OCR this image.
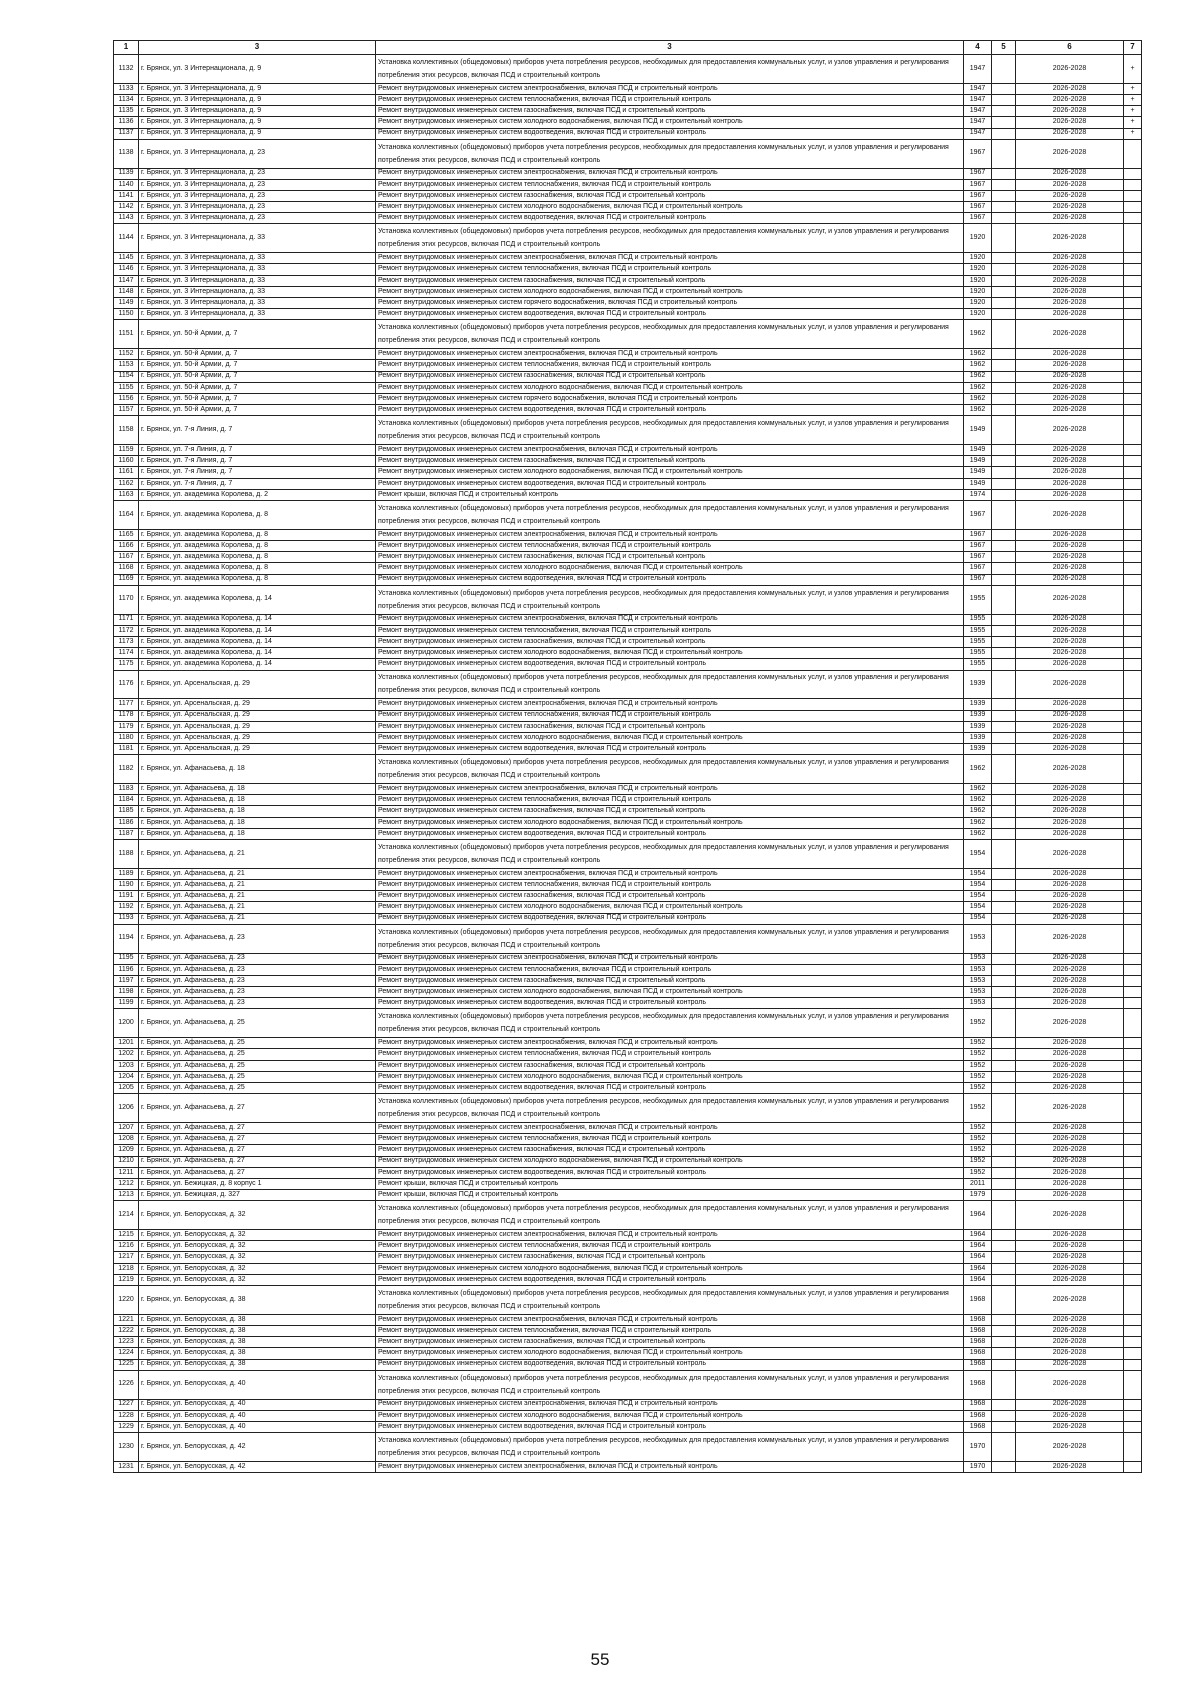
1	3	3	4	5	6	7
1132	г. Брянск, ул. 3 Интернационала, д. 9	Установка коллективных (общедомовых) приборов учета потребления ресурсов, необходимых для предоставления коммунальных услуг, и узлов управления и регулирования потребления этих ресурсов, включая ПСД и строительный контроль	1947		2026-2028	+
1133	г. Брянск, ул. 3 Интернационала, д. 9	Ремонт внутридомовых инженерных систем электроснабжения, включая ПСД и строительный контроль	1947		2026-2028	+
1134	г. Брянск, ул. 3 Интернационала, д. 9	Ремонт внутридомовых инженерных систем теплоснабжения, включая ПСД и строительный контроль	1947		2026-2028	+
1135	г. Брянск, ул. 3 Интернационала, д. 9	Ремонт внутридомовых инженерных систем газоснабжения, включая ПСД и строительный контроль	1947		2026-2028	+
1136	г. Брянск, ул. 3 Интернационала, д. 9	Ремонт внутридомовых инженерных систем холодного водоснабжения, включая ПСД и строительный контроль	1947		2026-2028	+
1137	г. Брянск, ул. 3 Интернационала, д. 9	Ремонт внутридомовых инженерных систем водоотведения, включая ПСД и строительный контроль	1947		2026-2028	+
1138	г. Брянск, ул. 3 Интернационала, д. 23	Установка коллективных (общедомовых) приборов учета потребления ресурсов, необходимых для предоставления коммунальных услуг, и узлов управления и регулирования потребления этих ресурсов, включая ПСД и строительный контроль	1967		2026-2028	
1139	г. Брянск, ул. 3 Интернационала, д. 23	Ремонт внутридомовых инженерных систем электроснабжения, включая ПСД и строительный контроль	1967		2026-2028	
1140	г. Брянск, ул. 3 Интернационала, д. 23	Ремонт внутридомовых инженерных систем теплоснабжения, включая ПСД и строительный контроль	1967		2026-2028	
1141	г. Брянск, ул. 3 Интернационала, д. 23	Ремонт внутридомовых инженерных систем газоснабжения, включая ПСД и строительный контроль	1967		2026-2028	
1142	г. Брянск, ул. 3 Интернационала, д. 23	Ремонт внутридомовых инженерных систем холодного водоснабжения, включая ПСД и строительный контроль	1967		2026-2028	
1143	г. Брянск, ул. 3 Интернационала, д. 23	Ремонт внутридомовых инженерных систем водоотведения, включая ПСД и строительный контроль	1967		2026-2028	
1144	г. Брянск, ул. 3 Интернационала, д. 33	Установка коллективных (общедомовых) приборов учета потребления ресурсов, необходимых для предоставления коммунальных услуг, и узлов управления и регулирования потребления этих ресурсов, включая ПСД и строительный контроль	1920		2026-2028	
1145	г. Брянск, ул. 3 Интернационала, д. 33	Ремонт внутридомовых инженерных систем электроснабжения, включая ПСД и строительный контроль	1920		2026-2028	
1146	г. Брянск, ул. 3 Интернационала, д. 33	Ремонт внутридомовых инженерных систем теплоснабжения, включая ПСД и строительный контроль	1920		2026-2028	
1147	г. Брянск, ул. 3 Интернационала, д. 33	Ремонт внутридомовых инженерных систем газоснабжения, включая ПСД и строительный контроль	1920		2026-2028	
1148	г. Брянск, ул. 3 Интернационала, д. 33	Ремонт внутридомовых инженерных систем холодного водоснабжения, включая ПСД и строительный контроль	1920		2026-2028	
1149	г. Брянск, ул. 3 Интернационала, д. 33	Ремонт внутридомовых инженерных систем горячего водоснабжения, включая ПСД и строительный контроль	1920		2026-2028	
1150	г. Брянск, ул. 3 Интернационала, д. 33	Ремонт внутридомовых инженерных систем водоотведения, включая ПСД и строительный контроль	1920		2026-2028	
1151	г. Брянск, ул. 50-й Армии, д. 7	Установка коллективных (общедомовых) приборов учета потребления ресурсов, необходимых для предоставления коммунальных услуг, и узлов управления и регулирования потребления этих ресурсов, включая ПСД и строительный контроль	1962		2026-2028	
1152	г. Брянск, ул. 50-й Армии, д. 7	Ремонт внутридомовых инженерных систем электроснабжения, включая ПСД и строительный контроль	1962		2026-2028	
1153	г. Брянск, ул. 50-й Армии, д. 7	Ремонт внутридомовых инженерных систем теплоснабжения, включая ПСД и строительный контроль	1962		2026-2028	
1154	г. Брянск, ул. 50-й Армии, д. 7	Ремонт внутридомовых инженерных систем газоснабжения, включая ПСД и строительный контроль	1962		2026-2028	
1155	г. Брянск, ул. 50-й Армии, д. 7	Ремонт внутридомовых инженерных систем холодного водоснабжения, включая ПСД и строительный контроль	1962		2026-2028	
1156	г. Брянск, ул. 50-й Армии, д. 7	Ремонт внутридомовых инженерных систем горячего водоснабжения, включая ПСД и строительный контроль	1962		2026-2028	
1157	г. Брянск, ул. 50-й Армии, д. 7	Ремонт внутридомовых инженерных систем водоотведения, включая ПСД и строительный контроль	1962		2026-2028	
1158	г. Брянск, ул. 7-я Линия, д. 7	Установка коллективных (общедомовых) приборов учета потребления ресурсов, необходимых для предоставления коммунальных услуг, и узлов управления и регулирования потребления этих ресурсов, включая ПСД и строительный контроль	1949		2026-2028	
1159	г. Брянск, ул. 7-я Линия, д. 7	Ремонт внутридомовых инженерных систем электроснабжения, включая ПСД и строительный контроль	1949		2026-2028	
1160	г. Брянск, ул. 7-я Линия, д. 7	Ремонт внутридомовых инженерных систем газоснабжения, включая ПСД и строительный контроль	1949		2026-2028	
1161	г. Брянск, ул. 7-я Линия, д. 7	Ремонт внутридомовых инженерных систем холодного водоснабжения, включая ПСД и строительный контроль	1949		2026-2028	
1162	г. Брянск, ул. 7-я Линия, д. 7	Ремонт внутридомовых инженерных систем водоотведения, включая ПСД и строительный контроль	1949		2026-2028	
1163	г. Брянск, ул. академика Королева, д. 2	Ремонт крыши, включая ПСД и строительный контроль	1974		2026-2028	
1164	г. Брянск, ул. академика Королева, д. 8	Установка коллективных (общедомовых) приборов учета потребления ресурсов, необходимых для предоставления коммунальных услуг, и узлов управления и регулирования потребления этих ресурсов, включая ПСД и строительный контроль	1967		2026-2028	
1165	г. Брянск, ул. академика Королева, д. 8	Ремонт внутридомовых инженерных систем электроснабжения, включая ПСД и строительный контроль	1967		2026-2028	
1166	г. Брянск, ул. академика Королева, д. 8	Ремонт внутридомовых инженерных систем теплоснабжения, включая ПСД и строительный контроль	1967		2026-2028	
1167	г. Брянск, ул. академика Королева, д. 8	Ремонт внутридомовых инженерных систем газоснабжения, включая ПСД и строительный контроль	1967		2026-2028	
1168	г. Брянск, ул. академика Королева, д. 8	Ремонт внутридомовых инженерных систем холодного водоснабжения, включая ПСД и строительный контроль	1967		2026-2028	
1169	г. Брянск, ул. академика Королева, д. 8	Ремонт внутридомовых инженерных систем водоотведения, включая ПСД и строительный контроль	1967		2026-2028	
1170	г. Брянск, ул. академика Королева, д. 14	Установка коллективных (общедомовых) приборов учета потребления ресурсов, необходимых для предоставления коммунальных услуг, и узлов управления и регулирования потребления этих ресурсов, включая ПСД и строительный контроль	1955		2026-2028	
1171	г. Брянск, ул. академика Королева, д. 14	Ремонт внутридомовых инженерных систем электроснабжения, включая ПСД и строительный контроль	1955		2026-2028	
1172	г. Брянск, ул. академика Королева, д. 14	Ремонт внутридомовых инженерных систем теплоснабжения, включая ПСД и строительный контроль	1955		2026-2028	
1173	г. Брянск, ул. академика Королева, д. 14	Ремонт внутридомовых инженерных систем газоснабжения, включая ПСД и строительный контроль	1955		2026-2028	
1174	г. Брянск, ул. академика Королева, д. 14	Ремонт внутридомовых инженерных систем холодного водоснабжения, включая ПСД и строительный контроль	1955		2026-2028	
1175	г. Брянск, ул. академика Королева, д. 14	Ремонт внутридомовых инженерных систем водоотведения, включая ПСД и строительный контроль	1955		2026-2028	
1176	г. Брянск, ул. Арсенальская, д. 29	Установка коллективных (общедомовых) приборов учета потребления ресурсов, необходимых для предоставления коммунальных услуг, и узлов управления и регулирования потребления этих ресурсов, включая ПСД и строительный контроль	1939		2026-2028	
1177	г. Брянск, ул. Арсенальская, д. 29	Ремонт внутридомовых инженерных систем электроснабжения, включая ПСД и строительный контроль	1939		2026-2028	
1178	г. Брянск, ул. Арсенальская, д. 29	Ремонт внутридомовых инженерных систем теплоснабжения, включая ПСД и строительный контроль	1939		2026-2028	
1179	г. Брянск, ул. Арсенальская, д. 29	Ремонт внутридомовых инженерных систем газоснабжения, включая ПСД и строительный контроль	1939		2026-2028	
1180	г. Брянск, ул. Арсенальская, д. 29	Ремонт внутридомовых инженерных систем холодного водоснабжения, включая ПСД и строительный контроль	1939		2026-2028	
1181	г. Брянск, ул. Арсенальская, д. 29	Ремонт внутридомовых инженерных систем водоотведения, включая ПСД и строительный контроль	1939		2026-2028	
1182	г. Брянск, ул. Афанасьева, д. 18	Установка коллективных (общедомовых) приборов учета потребления ресурсов, необходимых для предоставления коммунальных услуг, и узлов управления и регулирования потребления этих ресурсов, включая ПСД и строительный контроль	1962		2026-2028	
1183	г. Брянск, ул. Афанасьева, д. 18	Ремонт внутридомовых инженерных систем электроснабжения, включая ПСД и строительный контроль	1962		2026-2028	
1184	г. Брянск, ул. Афанасьева, д. 18	Ремонт внутридомовых инженерных систем теплоснабжения, включая ПСД и строительный контроль	1962		2026-2028	
1185	г. Брянск, ул. Афанасьева, д. 18	Ремонт внутридомовых инженерных систем газоснабжения, включая ПСД и строительный контроль	1962		2026-2028	
1186	г. Брянск, ул. Афанасьева, д. 18	Ремонт внутридомовых инженерных систем холодного водоснабжения, включая ПСД и строительный контроль	1962		2026-2028	
1187	г. Брянск, ул. Афанасьева, д. 18	Ремонт внутридомовых инженерных систем водоотведения, включая ПСД и строительный контроль	1962		2026-2028	
1188	г. Брянск, ул. Афанасьева, д. 21	Установка коллективных (общедомовых) приборов учета потребления ресурсов, необходимых для предоставления коммунальных услуг, и узлов управления и регулирования потребления этих ресурсов, включая ПСД и строительный контроль	1954		2026-2028	
1189	г. Брянск, ул. Афанасьева, д. 21	Ремонт внутридомовых инженерных систем электроснабжения, включая ПСД и строительный контроль	1954		2026-2028	
1190	г. Брянск, ул. Афанасьева, д. 21	Ремонт внутридомовых инженерных систем теплоснабжения, включая ПСД и строительный контроль	1954		2026-2028	
1191	г. Брянск, ул. Афанасьева, д. 21	Ремонт внутридомовых инженерных систем газоснабжения, включая ПСД и строительный контроль	1954		2026-2028	
1192	г. Брянск, ул. Афанасьева, д. 21	Ремонт внутридомовых инженерных систем холодного водоснабжения, включая ПСД и строительный контроль	1954		2026-2028	
1193	г. Брянск, ул. Афанасьева, д. 21	Ремонт внутридомовых инженерных систем водоотведения, включая ПСД и строительный контроль	1954		2026-2028	
1194	г. Брянск, ул. Афанасьева, д. 23	Установка коллективных (общедомовых) приборов учета потребления ресурсов, необходимых для предоставления коммунальных услуг, и узлов управления и регулирования потребления этих ресурсов, включая ПСД и строительный контроль	1953		2026-2028	
1195	г. Брянск, ул. Афанасьева, д. 23	Ремонт внутридомовых инженерных систем электроснабжения, включая ПСД и строительный контроль	1953		2026-2028	
1196	г. Брянск, ул. Афанасьева, д. 23	Ремонт внутридомовых инженерных систем теплоснабжения, включая ПСД и строительный контроль	1953		2026-2028	
1197	г. Брянск, ул. Афанасьева, д. 23	Ремонт внутридомовых инженерных систем газоснабжения, включая ПСД и строительный контроль	1953		2026-2028	
1198	г. Брянск, ул. Афанасьева, д. 23	Ремонт внутридомовых инженерных систем холодного водоснабжения, включая ПСД и строительный контроль	1953		2026-2028	
1199	г. Брянск, ул. Афанасьева, д. 23	Ремонт внутридомовых инженерных систем водоотведения, включая ПСД и строительный контроль	1953		2026-2028	
1200	г. Брянск, ул. Афанасьева, д. 25	Установка коллективных (общедомовых) приборов учета потребления ресурсов, необходимых для предоставления коммунальных услуг, и узлов управления и регулирования потребления этих ресурсов, включая ПСД и строительный контроль	1952		2026-2028	
1201	г. Брянск, ул. Афанасьева, д. 25	Ремонт внутридомовых инженерных систем электроснабжения, включая ПСД и строительный контроль	1952		2026-2028	
1202	г. Брянск, ул. Афанасьева, д. 25	Ремонт внутридомовых инженерных систем теплоснабжения, включая ПСД и строительный контроль	1952		2026-2028	
1203	г. Брянск, ул. Афанасьева, д. 25	Ремонт внутридомовых инженерных систем газоснабжения, включая ПСД и строительный контроль	1952		2026-2028	
1204	г. Брянск, ул. Афанасьева, д. 25	Ремонт внутридомовых инженерных систем холодного водоснабжения, включая ПСД и строительный контроль	1952		2026-2028	
1205	г. Брянск, ул. Афанасьева, д. 25	Ремонт внутридомовых инженерных систем водоотведения, включая ПСД и строительный контроль	1952		2026-2028	
1206	г. Брянск, ул. Афанасьева, д. 27	Установка коллективных (общедомовых) приборов учета потребления ресурсов, необходимых для предоставления коммунальных услуг, и узлов управления и регулирования потребления этих ресурсов, включая ПСД и строительный контроль	1952		2026-2028	
1207	г. Брянск, ул. Афанасьева, д. 27	Ремонт внутридомовых инженерных систем электроснабжения, включая ПСД и строительный контроль	1952		2026-2028	
1208	г. Брянск, ул. Афанасьева, д. 27	Ремонт внутридомовых инженерных систем теплоснабжения, включая ПСД и строительный контроль	1952		2026-2028	
1209	г. Брянск, ул. Афанасьева, д. 27	Ремонт внутридомовых инженерных систем газоснабжения, включая ПСД и строительный контроль	1952		2026-2028	
1210	г. Брянск, ул. Афанасьева, д. 27	Ремонт внутридомовых инженерных систем холодного водоснабжения, включая ПСД и строительный контроль	1952		2026-2028	
1211	г. Брянск, ул. Афанасьева, д. 27	Ремонт внутридомовых инженерных систем водоотведения, включая ПСД и строительный контроль	1952		2026-2028	
1212	г. Брянск, ул. Бежицкая, д. 8 корпус 1	Ремонт крыши, включая ПСД и строительный контроль	2011		2026-2028	
1213	г. Брянск, ул. Бежицкая, д. 327	Ремонт крыши, включая ПСД и строительный контроль	1979		2026-2028	
1214	г. Брянск, ул. Белорусская, д. 32	Установка коллективных (общедомовых) приборов учета потребления ресурсов, необходимых для предоставления коммунальных услуг, и узлов управления и регулирования потребления этих ресурсов, включая ПСД и строительный контроль	1964		2026-2028	
1215	г. Брянск, ул. Белорусская, д. 32	Ремонт внутридомовых инженерных систем электроснабжения, включая ПСД и строительный контроль	1964		2026-2028	
1216	г. Брянск, ул. Белорусская, д. 32	Ремонт внутридомовых инженерных систем теплоснабжения, включая ПСД и строительный контроль	1964		2026-2028	
1217	г. Брянск, ул. Белорусская, д. 32	Ремонт внутридомовых инженерных систем газоснабжения, включая ПСД и строительный контроль	1964		2026-2028	
1218	г. Брянск, ул. Белорусская, д. 32	Ремонт внутридомовых инженерных систем холодного водоснабжения, включая ПСД и строительный контроль	1964		2026-2028	
1219	г. Брянск, ул. Белорусская, д. 32	Ремонт внутридомовых инженерных систем водоотведения, включая ПСД и строительный контроль	1964		2026-2028	
1220	г. Брянск, ул. Белорусская, д. 38	Установка коллективных (общедомовых) приборов учета потребления ресурсов, необходимых для предоставления коммунальных услуг, и узлов управления и регулирования потребления этих ресурсов, включая ПСД и строительный контроль	1968		2026-2028	
1221	г. Брянск, ул. Белорусская, д. 38	Ремонт внутридомовых инженерных систем электроснабжения, включая ПСД и строительный контроль	1968		2026-2028	
1222	г. Брянск, ул. Белорусская, д. 38	Ремонт внутридомовых инженерных систем теплоснабжения, включая ПСД и строительный контроль	1968		2026-2028	
1223	г. Брянск, ул. Белорусская, д. 38	Ремонт внутридомовых инженерных систем газоснабжения, включая ПСД и строительный контроль	1968		2026-2028	
1224	г. Брянск, ул. Белорусская, д. 38	Ремонт внутридомовых инженерных систем холодного водоснабжения, включая ПСД и строительный контроль	1968		2026-2028	
1225	г. Брянск, ул. Белорусская, д. 38	Ремонт внутридомовых инженерных систем водоотведения, включая ПСД и строительный контроль	1968		2026-2028	
1226	г. Брянск, ул. Белорусская, д. 40	Установка коллективных (общедомовых) приборов учета потребления ресурсов, необходимых для предоставления коммунальных услуг, и узлов управления и регулирования потребления этих ресурсов, включая ПСД и строительный контроль	1968		2026-2028	
1227	г. Брянск, ул. Белорусская, д. 40	Ремонт внутридомовых инженерных систем электроснабжения, включая ПСД и строительный контроль	1968		2026-2028	
1228	г. Брянск, ул. Белорусская, д. 40	Ремонт внутридомовых инженерных систем холодного водоснабжения, включая ПСД и строительный контроль	1968		2026-2028	
1229	г. Брянск, ул. Белорусская, д. 40	Ремонт внутридомовых инженерных систем водоотведения, включая ПСД и строительный контроль	1968		2026-2028	
1230	г. Брянск, ул. Белорусская, д. 42	Установка коллективных (общедомовых) приборов учета потребления ресурсов, необходимых для предоставления коммунальных услуг, и узлов управления и регулирования потребления этих ресурсов, включая ПСД и строительный контроль	1970		2026-2028	
1231	г. Брянск, ул. Белорусская, д. 42	Ремонт внутридомовых инженерных систем электроснабжения, включая ПСД и строительный контроль	1970		2026-2028	
55
